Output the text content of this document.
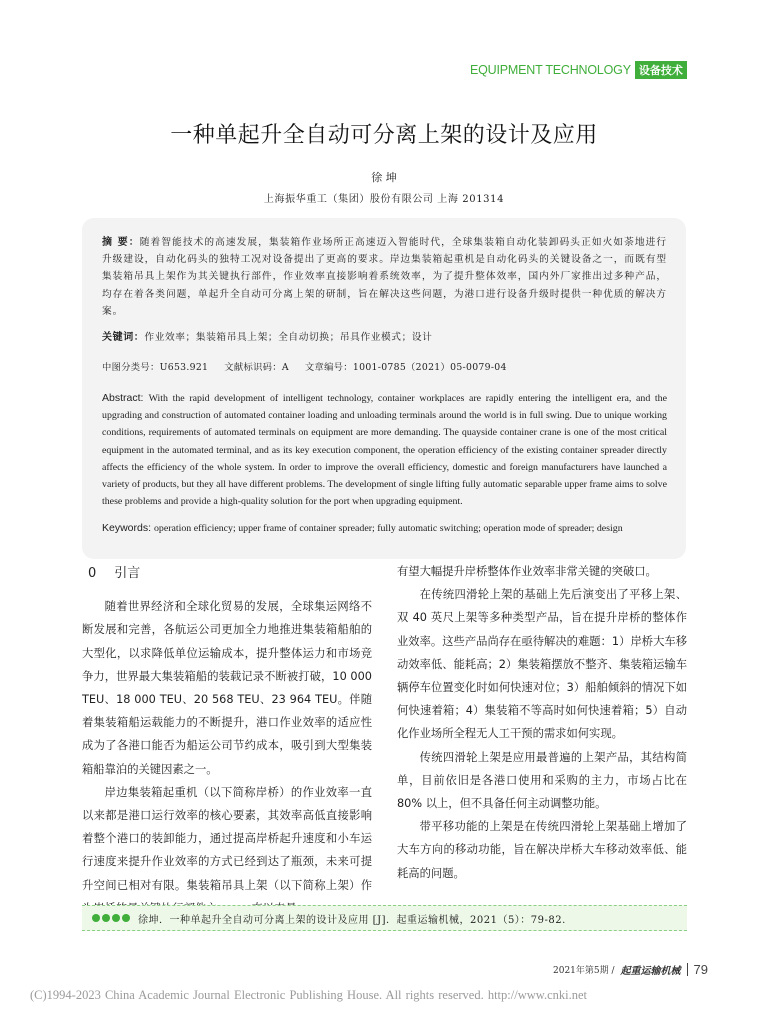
EQUIPMENT TECHNOLOGY 设备技术
一种单起升全自动可分离上架的设计及应用
徐 坤
上海振华重工（集团）股份有限公司 上海 201314
摘 要：随着智能技术的高速发展，集装箱作业场所正高速迈入智能时代，全球集装箱自动化装卸码头正如火如荼地进行升级建设，自动化码头的独特工况对设备提出了更高的要求。岸边集装箱起重机是自动化码头的关键设备之一，而既有型集装箱吊具上架作为其关键执行部件，作业效率直接影响着系统效率，为了提升整体效率，国内外厂家推出过多种产品，均存在着各类问题，单起升全自动可分离上架的研制，旨在解决这些问题，为港口进行设备升级时提供一种优质的解决方案。
关键词：作业效率；集装箱吊具上架；全自动切换；吊具作业模式；设计
中图分类号：U653.921 文献标识码：A 文章编号：1001-0785（2021）05-0079-04
Abstract: With the rapid development of intelligent technology, container workplaces are rapidly entering the intelligent era, and the upgrading and construction of automated container loading and unloading terminals around the world is in full swing. Due to unique working conditions, requirements of automated terminals on equipment are more demanding. The quayside container crane is one of the most critical equipment in the automated terminal, and as its key execution component, the operation efficiency of the existing container spreader directly affects the efficiency of the whole system. In order to improve the overall efficiency, domestic and foreign manufacturers have launched a variety of products, but they all have different problems. The development of single lifting fully automatic separable upper frame aims to solve these problems and provide a high-quality solution for the port when upgrading equipment.
Keywords: operation efficiency; upper frame of container spreader; fully automatic switching; operation mode of spreader; design
0 引言

随着世界经济和全球化贸易的发展，全球集运网络不断发展和完善，各航运公司更加全力地推进集装箱船舶的大型化，以求降低单位运输成本，提升整体运力和市场竞争力，世界最大集装箱船的装载记录不断被打破，10 000 TEU、18 000 TEU、20 568 TEU、23 964 TEU。伴随着集装箱船运载能力的不断提升，港口作业效率的适应性成为了各港口能否为船运公司节约成本，吸引到大型集装箱船靠泊的关键因素之一。

岸边集装箱起重机（以下简称岸桥）的作业效率一直以来都是港口运行效率的核心要素，其效率高低直接影响着整个港口的装卸能力，通过提高岸桥起升速度和小车运行速度来提升作业效率的方式已经到达了瓶颈，未来可提升空间已相对有限。集装箱吊具上架（以下简称上架）作

有望大幅提升岸桥整体作业效率非常关键的突破口。

在传统四滑轮上架的基础上先后演变出了平移上架、双 40 英尺上架等多种类型产品，旨在提升岸桥的整体作业效率。这些产品尚存在亟待解决的难题：1）岸桥大车移动效率低、能耗高；2）集装箱摆放不整齐、集装箱运输车辆停车位置变化时如何快速对位；3）船舶倾斜的情况下如何快速着箱；4）集装箱不等高时如何快速着箱；5）自动化作业场所全程无人工干预的需求如何实现。

传统四滑轮上架是应用最普遍的上架产品，其结构简单，目前依旧是各港口使用和采购的主力，市场占比在 80% 以上，但不具备任何主动调整功能。

带平移功能的上架是在传统四滑轮上架基础上增加了大车方向的移动功能，旨在解决岸桥大车移动效率低、能耗高的问题。

徐坤．一种单起升全自动可分离上架的设计及应用 [J]．起重运输机械，2021（5）：79-82.
2021年第5期 / 起重运输机械 79
(C)1994-2023 China Academic Journal Electronic Publishing House. All rights reserved. http://www.cnki.net
